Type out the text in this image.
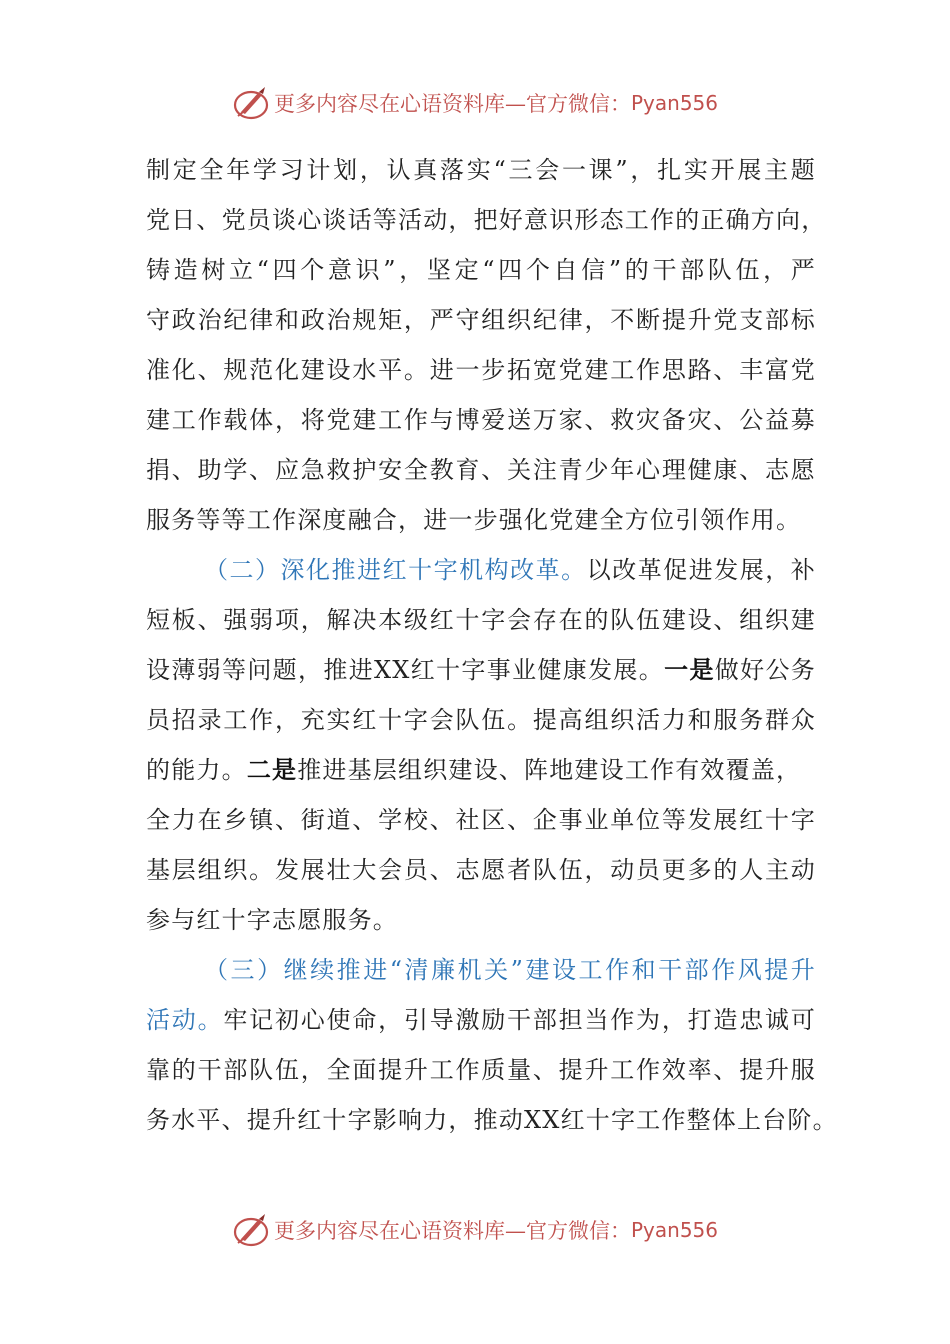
更多内容尽在心语资料库—官方微信： Pyan556
制定全年学习计划，认真落实“三会一课”，扎实开展主题
党日、党员谈心谈话等活动，把好意识形态工作的正确方向，
铸造树立“四个意识”，坚定“四个自信”的干部队伍，严
守政治纪律和政治规矩，严守组织纪律，不断提升党支部标
准化、规范化建设水平。进一步拓宽党建工作思路、丰富党
建工作载体，将党建工作与博爱送万家、救灾备灾、公益募
捐、助学、应急救护安全教育、关注青少年心理健康、志愿
服务等等工作深度融合，进一步强化党建全方位引领作用。
（二）深化推进红十字机构改革。以改革促进发展，补
短板、强弱项，解决本级红十字会存在的队伍建设、组织建
设薄弱等问题，推进XX红十字事业健康发展。一是做好公务
员招录工作，充实红十字会队伍。提高组织活力和服务群众
的能力。二是推进基层组织建设、阵地建设工作有效覆盖，
全力在乡镇、街道、学校、社区、企事业单位等发展红十字
基层组织。发展壮大会员、志愿者队伍，动员更多的人主动
参与红十字志愿服务。
（三）继续推进“清廉机关”建设工作和干部作风提升
活动。牢记初心使命，引导激励干部担当作为，打造忠诚可
靠的干部队伍，全面提升工作质量、提升工作效率、提升服
务水平、提升红十字影响力，推动XX红十字工作整体上台阶。
更多内容尽在心语资料库—官方微信： Pyan556
